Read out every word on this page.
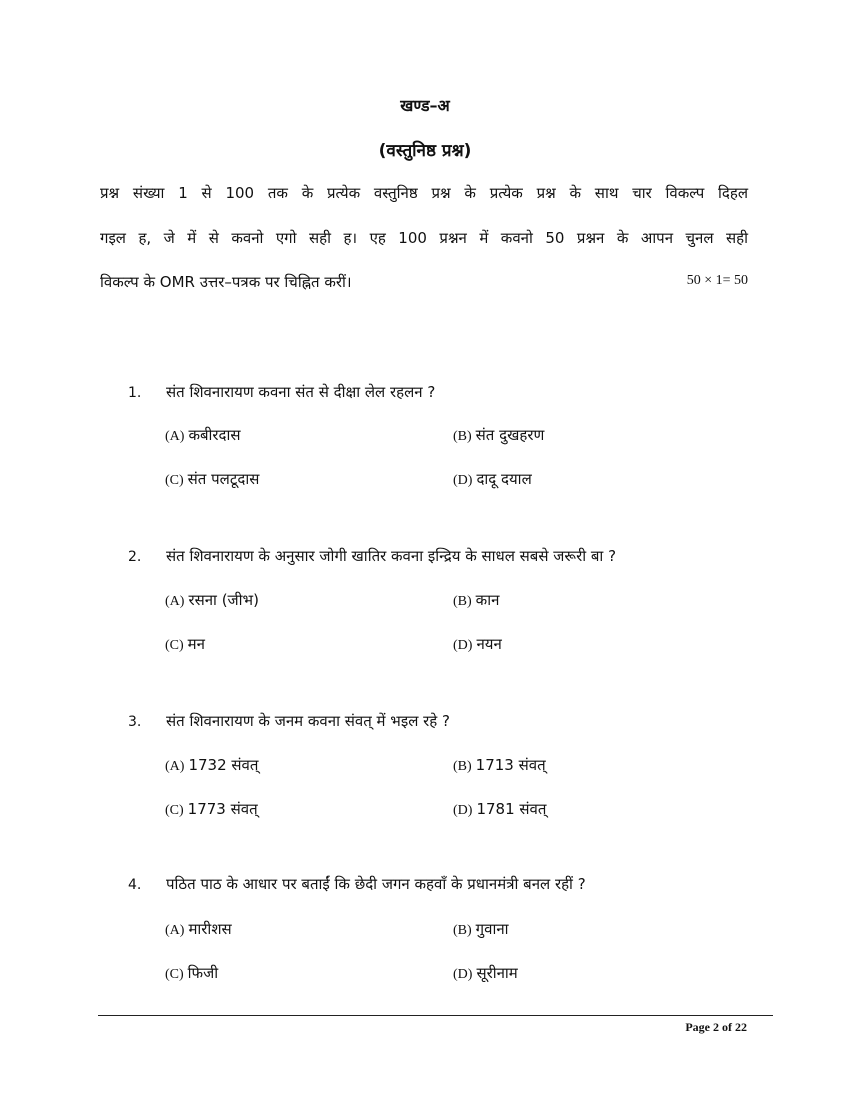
खण्ड–अ
(वस्तुनिष्ठ प्रश्न)
प्रश्न संख्या 1 से 100 तक के प्रत्येक वस्तुनिष्ठ प्रश्न के प्रत्येक प्रश्न के साथ चार विकल्प दिहल
गइल ह, जे में से कवनो एगो सही ह। एह 100 प्रश्नन में कवनो 50 प्रश्नन के आपन चुनल सही
विकल्प के OMR उत्तर–पत्रक पर चिह्नित करीं।	50 × 1= 50
1. संत शिवनारायण कवना संत से दीक्षा लेल रहलन ?
(A) कबीरदास	(B) संत दुखहरण
(C) संत पलटूदास	(D) दादू दयाल
2. संत शिवनारायण के अनुसार जोगी खातिर कवना इन्द्रिय के साधल सबसे जरूरी बा ?
(A) रसना (जीभ)	(B) कान
(C) मन	(D) नयन
3. संत शिवनारायण के जनम कवना संवत् में भइल रहे ?
(A) 1732 संवत्	(B) 1713 संवत्
(C) 1773 संवत्	(D) 1781 संवत्
4. पठित पाठ के आधार पर बताईं कि छेदी जगन कहवाँ के प्रधानमंत्री बनल रहीं ?
(A) मारीशस	(B) गुवाना
(C) फिजी	(D) सूरीनाम
Page 2 of 22
